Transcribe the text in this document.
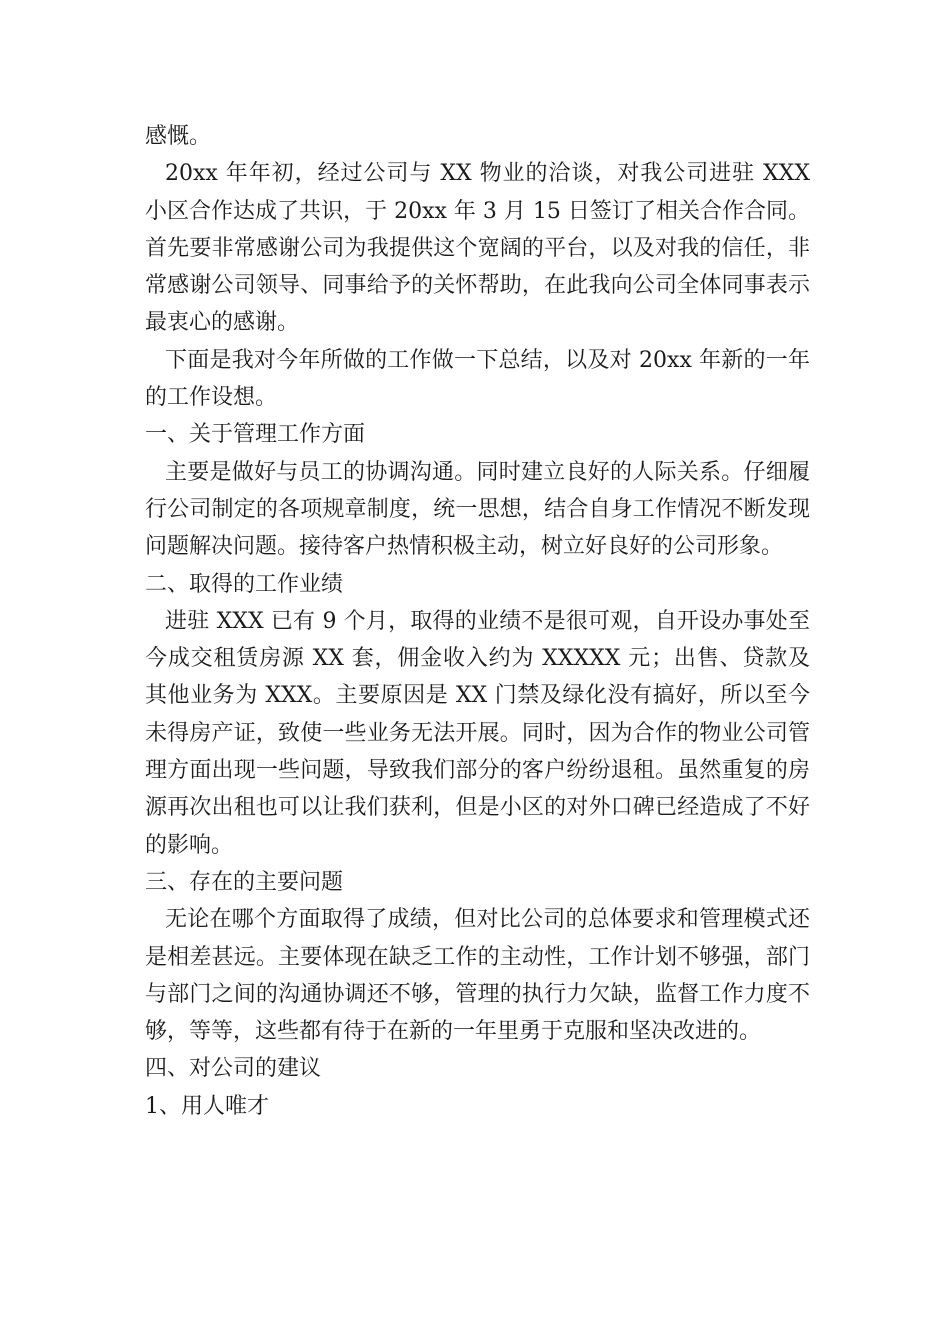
感慨。

20xx 年年初，经过公司与 XX 物业的洽谈，对我公司进驻 XXX 小区合作达成了共识，于 20xx 年 3 月 15 日签订了相关合作合同。首先要非常感谢公司为我提供这个宽阔的平台，以及对我的信任，非常感谢公司领导、同事给予的关怀帮助，在此我向公司全体同事表示最衷心的感谢。

下面是我对今年所做的工作做一下总结，以及对 20xx 年新的一年的工作设想。

一、关于管理工作方面

主要是做好与员工的协调沟通。同时建立良好的人际关系。仔细履行公司制定的各项规章制度，统一思想，结合自身工作情况不断发现问题解决问题。接待客户热情积极主动，树立好良好的公司形象。

二、取得的工作业绩

进驻 XXX 已有 9 个月，取得的业绩不是很可观，自开设办事处至今成交租赁房源 XX 套，佣金收入约为 XXXXX 元；出售、贷款及其他业务为 XXX。主要原因是 XX 门禁及绿化没有搞好，所以至今未得房产证，致使一些业务无法开展。同时，因为合作的物业公司管理方面出现一些问题，导致我们部分的客户纷纷退租。虽然重复的房源再次出租也可以让我们获利，但是小区的对外口碑已经造成了不好的影响。

三、存在的主要问题

无论在哪个方面取得了成绩，但对比公司的总体要求和管理模式还是相差甚远。主要体现在缺乏工作的主动性，工作计划不够强，部门与部门之间的沟通协调还不够，管理的执行力欠缺，监督工作力度不够，等等，这些都有待于在新的一年里勇于克服和坚决改进的。

四、对公司的建议

1、用人唯才
